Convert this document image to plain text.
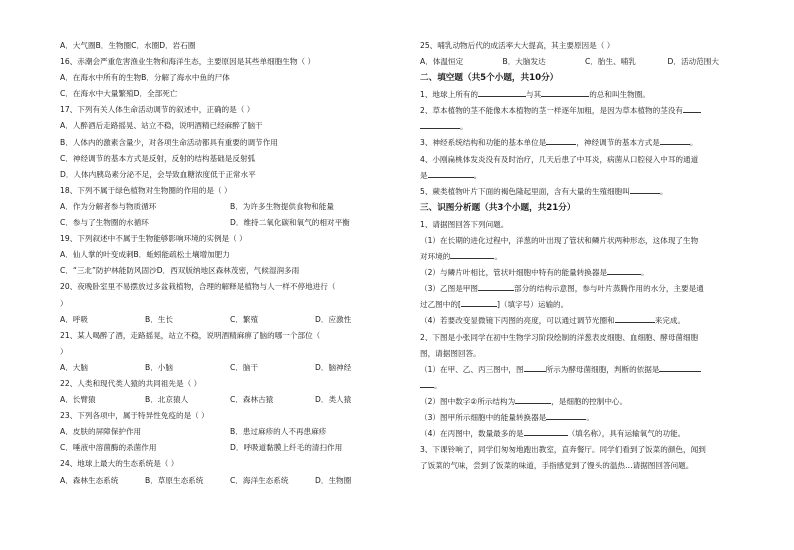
A．大气圈B．生物圈C．水圈D．岩石圈
16、赤潮会严重危害渔业生物和海洋生态，主要原因是其些单细胞生物（ ）
A．在海水中所有的生物B．分解了海水中鱼的尸体
C．在海水中大量繁殖D．全部死亡
17、下列有关人体生命活动调节的叙述中，正确的是（ ）
A．人醉酒后走路摇晃、站立不稳，说明酒精已经麻醉了脑干
B．人体内的激素含量少，对各项生命活动都具有重要的调节作用
C．神经调节的基本方式是反射，反射的结构基础是反射弧
D．人体内胰岛素分泌不足，会导致血糖浓度低于正常水平
18、下列不属于绿色植物对生物圈的作用的是（ ）
A．作为分解者参与物质循环	B．为许多生物提供食物和能量
C．参与了生物圈的水循环	D．维持二氧化碳和氧气的相对平衡
19、下列叙述中不属于生物能够影响环境的实例是（ ）
A．仙人掌的叶变成刺B．蚯蚓能疏松土壤增加肥力
C．“三北”防护林能防风固沙D．西双版纳地区森林茂密，气候湿润多雨
20、夜晚卧室里不易摆放过多盆栽植物，合理的解释是植物与人一样不停地进行（
）
A．呼吸	B．生长	C．繁殖	D．应激性
21、某人喝醉了酒，走路摇晃，站立不稳，说明酒精麻痹了脑的哪一个部位（
）
A．大脑	B．小脑	C．脑干	D．脑神经
22、人类和现代类人猿的共同祖先是（ ）
A．长臂猿	B．北京猿人	C．森林古猿	D．类人猿
23、下列各项中，属于特异性免疫的是（ ）
A．皮肤的屏障保护作用	B．患过麻疹的人不再患麻疹
C．唾液中溶菌酶的杀菌作用	D．呼吸道黏膜上纤毛的清扫作用
24、地球上最大的生态系统是（ ）
A．森林生态系统	B．草原生态系统	C．海洋生态系统	D．生物圈
25、哺乳动物后代的成活率大大提高，其主要原因是（ ）
A．体温恒定	B．大脑发达	C．胎生、哺乳	D．活动范围大
二、填空题（共5个小题，共10分）
1、地球上所有的	与其	的总和叫生物圈。
2、草本植物的茎不能像木本植物的茎一样逐年加粗，是因为草本植物的茎没有
。
3、神经系统结构和功能的基本单位是	，神经调节的基本方式是	。
4、小刚扁桃体发炎没有及时治疗，几天后患了中耳炎，病菌从口腔侵入中耳的通道
是	。
5、蕨类植物叶片下面的褐色隆起里面，含有大量的生殖细胞叫	。
三、识图分析题（共3个小题，共21分）
1、请据图回答下列问题。
（1）在长期的进化过程中，洋葱的叶出现了管状和鳞片状两种形态，这体现了生物
对环境的	。
（2）与鳞片叶相比，管状叶细胞中特有的能量转换器是	。
（3）乙图是甲图	部分的结构示意图，参与叶片蒸腾作用的水分，主要是通
过乙图中的[	]（填字号）运输的。
（4）若要改变显微镜下丙图的亮度，可以通过调节光圈和	来完成。
2、下图是小张同学在初中生物学习阶段绘制的洋葱表皮细胞、血细胞、酵母菌细胞
图，请据图回答。
（1）在甲、乙、丙三图中，图	所示为酵母菌细胞，判断的依据是
。
（2）图中数字②所示结构为	，是细胞的控制中心。
（3）图甲所示细胞中的能量转换器是	。
（4）在丙图中，数量最多的是	（填名称），具有运输氧气的功能。
3、下课铃响了，同学们匆匆地跑出教室，直奔餐厅。同学们看到了饭菜的颜色，闻到
了饭菜的气味，尝到了饭菜的味道，手指感觉到了馒头的温热…请据图回答问题。
